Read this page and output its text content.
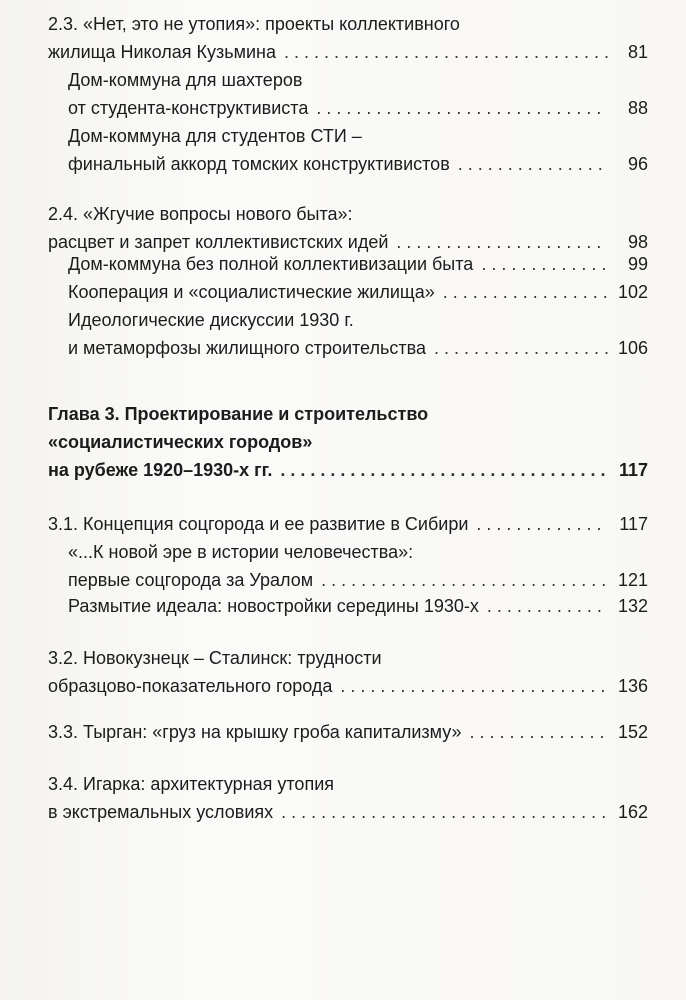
2.3. «Нет, это не утопия»: проекты коллективного
жилища Николая Кузьмина . . .	81
Дом-коммуна для шахтеров
от студента-конструктивиста . . .	88
Дом-коммуна для студентов СТИ –
финальный аккорд томских конструктивистов . . .	96
2.4. «Жгучие вопросы нового быта»:
расцвет и запрет коллективистских идей . . .	98
Дом-коммуна без полной коллективизации быта . . .	99
Кооперация и «социалистические жилища» . . .	102
Идеологические дискуссии 1930 г.
и метаморфозы жилищного строительства . . .	106
Глава 3. Проектирование и строительство
«социалистических городов»
на рубеже 1920–1930-х гг. . . .	117
3.1. Концепция соцгорода и ее развитие в Сибири . . .	117
«...К новой эре в истории человечества»:
первые соцгорода за Уралом . . .	121
Размытие идеала: новостройки середины 1930-х . . .	132
3.2. Новокузнецк – Сталинск: трудности
образцово-показательного города . . .	136
3.3. Тырган: «груз на крышку гроба капитализму» . . .	152
3.4. Игарка: архитектурная утопия
в экстремальных условиях . . .	162
